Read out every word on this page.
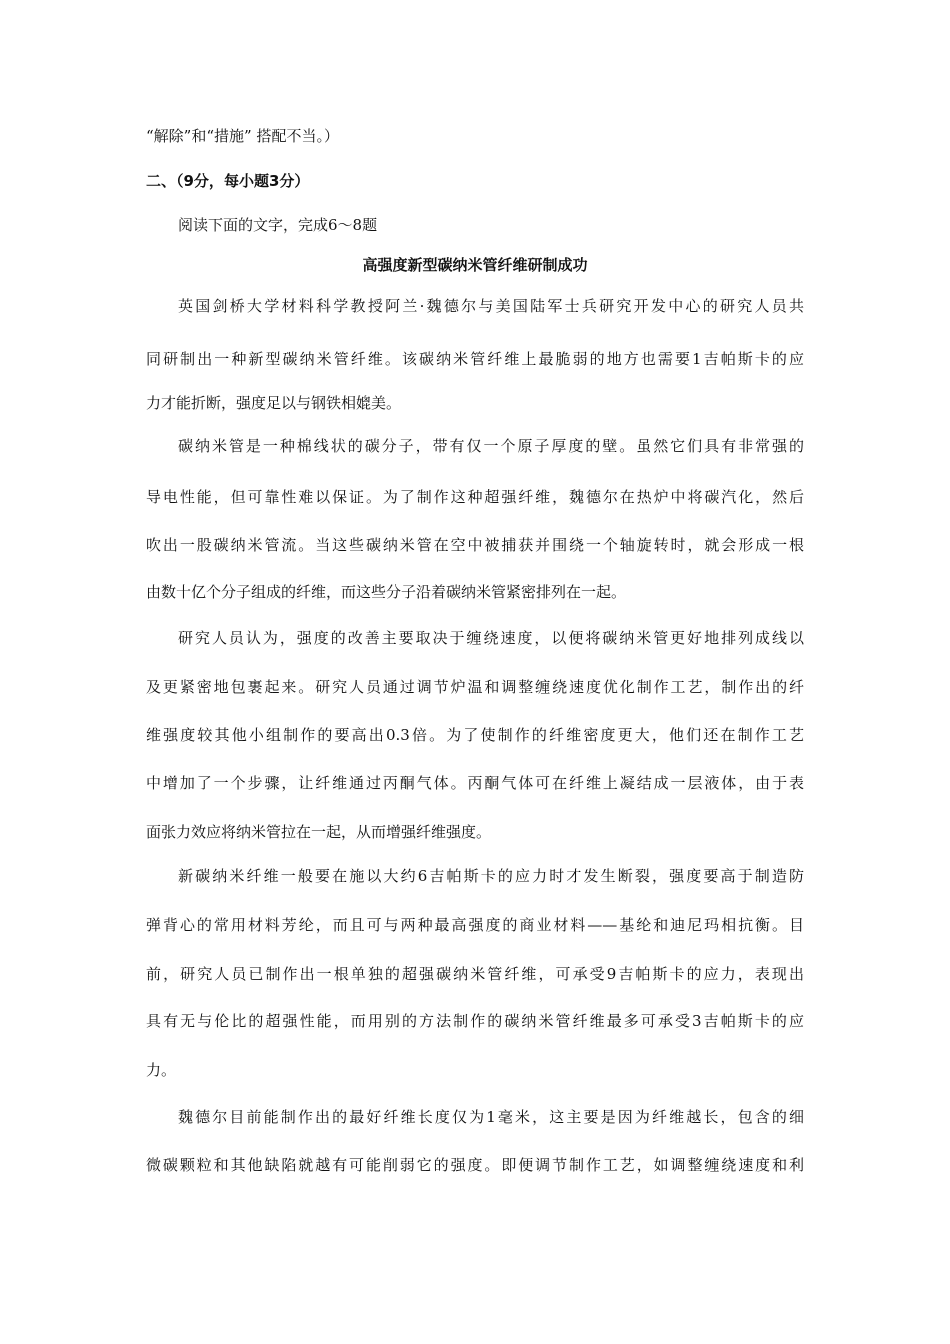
“解除”和“措施” 搭配不当。）
二、（9分，每小题3分）
阅读下面的文字，完成6～8题
高强度新型碳纳米管纤维研制成功
英国剑桥大学材料科学教授阿兰·魏德尔与美国陆军士兵研究开发中心的研究人员共
同研制出一种新型碳纳米管纤维。该碳纳米管纤维上最脆弱的地方也需要1吉帕斯卡的应
力才能折断，强度足以与钢铁相媲美。
碳纳米管是一种棉线状的碳分子，带有仅一个原子厚度的壁。虽然它们具有非常强的
导电性能，但可靠性难以保证。为了制作这种超强纤维，魏德尔在热炉中将碳汽化，然后
吹出一股碳纳米管流。当这些碳纳米管在空中被捕获并围绕一个轴旋转时，就会形成一根
由数十亿个分子组成的纤维，而这些分子沿着碳纳米管紧密排列在一起。
研究人员认为，强度的改善主要取决于缠绕速度，以便将碳纳米管更好地排列成线以
及更紧密地包裹起来。研究人员通过调节炉温和调整缠绕速度优化制作工艺，制作出的纤
维强度较其他小组制作的要高出0.3倍。为了使制作的纤维密度更大，他们还在制作工艺
中增加了一个步骤，让纤维通过丙酮气体。丙酮气体可在纤维上凝结成一层液体，由于表
面张力效应将纳米管拉在一起，从而增强纤维强度。
新碳纳米纤维一般要在施以大约6吉帕斯卡的应力时才发生断裂，强度要高于制造防
弹背心的常用材料芳纶，而且可与两种最高强度的商业材料——基纶和迪尼玛相抗衡。目
前，研究人员已制作出一根单独的超强碳纳米管纤维，可承受9吉帕斯卡的应力，表现出
具有无与伦比的超强性能，而用别的方法制作的碳纳米管纤维最多可承受3吉帕斯卡的应
力。
魏德尔目前能制作出的最好纤维长度仅为1毫米，这主要是因为纤维越长，包含的细
微碳颗粒和其他缺陷就越有可能削弱它的强度。即便调节制作工艺，如调整缠绕速度和利
